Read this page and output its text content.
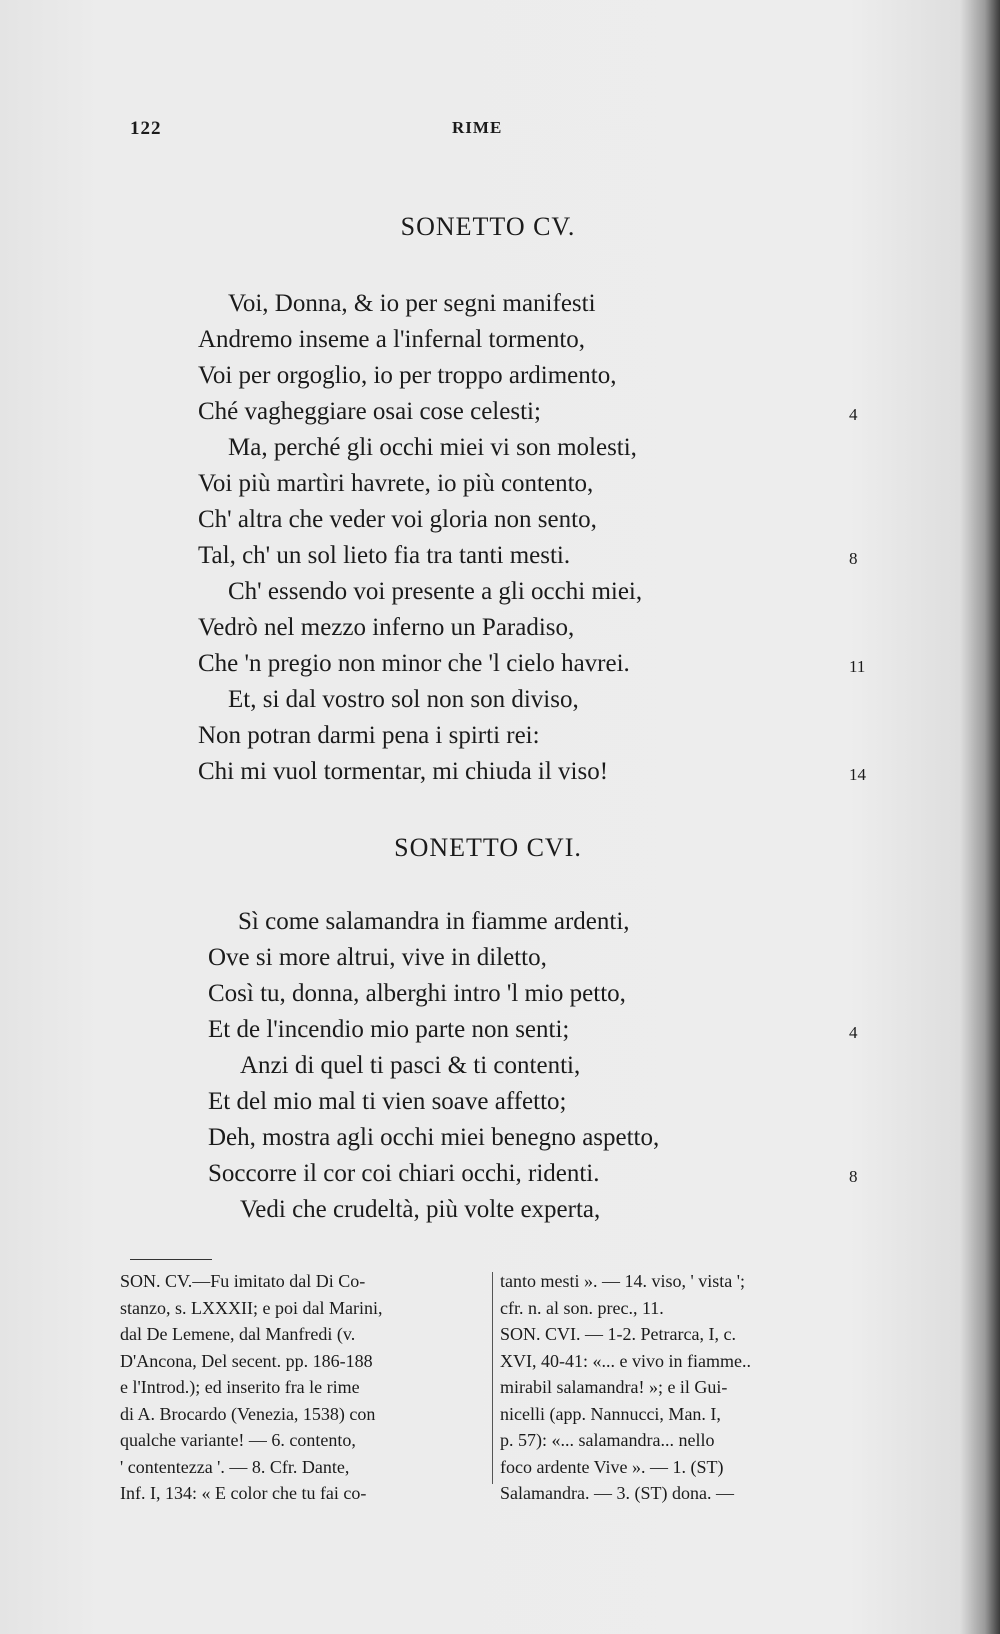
122	RIME
SONETTO CV.
Voi, Donna, & io per segni manifesti
Andremo inseme a l'infernal tormento,
Voi per orgoglio, io per troppo ardimento,
Ché vagheggiare osai cose celesti;	4
Ma, perché gli occhi miei vi son molesti,
Voi più martìri havrete, io più contento,
Ch' altra che veder voi gloria non sento,
Tal, ch' un sol lieto fia tra tanti mesti.	8
Ch' essendo voi presente a gli occhi miei,
Vedrò nel mezzo inferno un Paradiso,
Che 'n pregio non minor che 'l cielo havrei.	11
Et, si dal vostro sol non son diviso,
Non potran darmi pena i spirti rei:
Chi mi vuol tormentar, mi chiuda il viso!	14
SONETTO CVI.
Sì come salamandra in fiamme ardenti,
Ove si more altrui, vive in diletto,
Così tu, donna, alberghi intro 'l mio petto,
Et de l'incendio mio parte non senti;	4
Anzi di quel ti pasci & ti contenti,
Et del mio mal ti vien soave affetto;
Deh, mostra agli occhi miei benegno aspetto,
Soccorre il cor coi chiari occhi, ridenti.	8
Vedi che crudeltà, più volte experta,
SON. CV.—Fu imitato dal Di Co-
stanzo, s. LXXXII; e poi dal Marini,
dal De Lemene, dal Manfredi (v.
D'Ancona, Del secent. pp. 186-188
e l'Introd.); ed inserito fra le rime
di A. Brocardo (Venezia, 1538) con
qualche variante! — 6. contento,
' contentezza '. — 8. Cfr. Dante,
Inf. I, 134: « E color che tu fai co-
tanto mesti ». — 14. viso, ' vista ';
cfr. n. al son. prec., 11.
SON. CVI. — 1-2. Petrarca, I, c.
XVI, 40-41: «... e vivo in fiamme..
mirabil salamandra! »; e il Gui-
nicelli (app. Nannucci, Man. I,
p. 57): «... salamandra... nello
foco ardente Vive ». — 1. (ST)
Salamandra. — 3. (ST) dona. —
